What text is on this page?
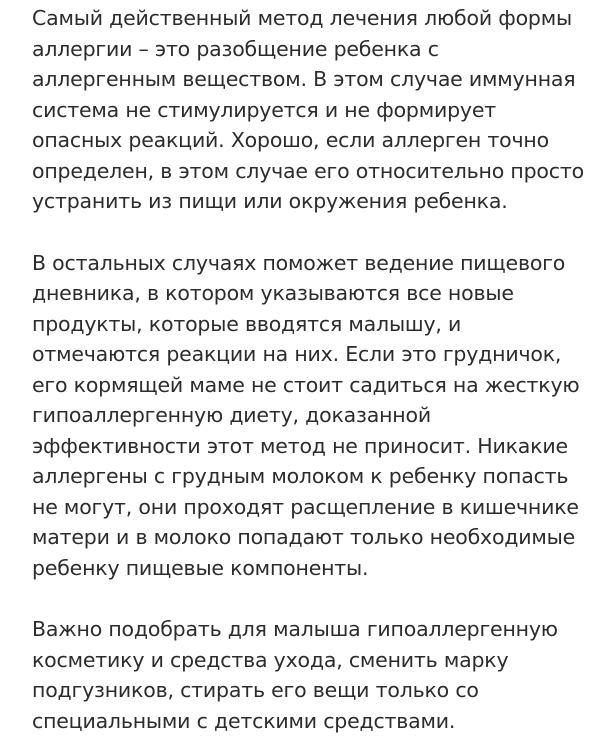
Самый действенный метод лечения любой формы
аллергии – это разобщение ребенка с
аллергенным веществом. В этом случае иммунная
система не стимулируется и не формирует
опасных реакций. Хорошо, если аллерген точно
определен, в этом случае его относительно просто
устранить из пищи или окружения ребенка.

В остальных случаях поможет ведение пищевого
дневника, в котором указываются все новые
продукты, которые вводятся малышу, и
отмечаются реакции на них. Если это грудничок,
его кормящей маме не стоит садиться на жесткую
гипоаллергенную диету, доказанной
эффективности этот метод не приносит. Никакие
аллергены с грудным молоком к ребенку попасть
не могут, они проходят расщепление в кишечнике
матери и в молоко попадают только необходимые
ребенку пищевые компоненты.

Важно подобрать для малыша гипоаллергенную
косметику и средства ухода, сменить марку
подгузников, стирать его вещи только со
специальными с детскими средствами.
